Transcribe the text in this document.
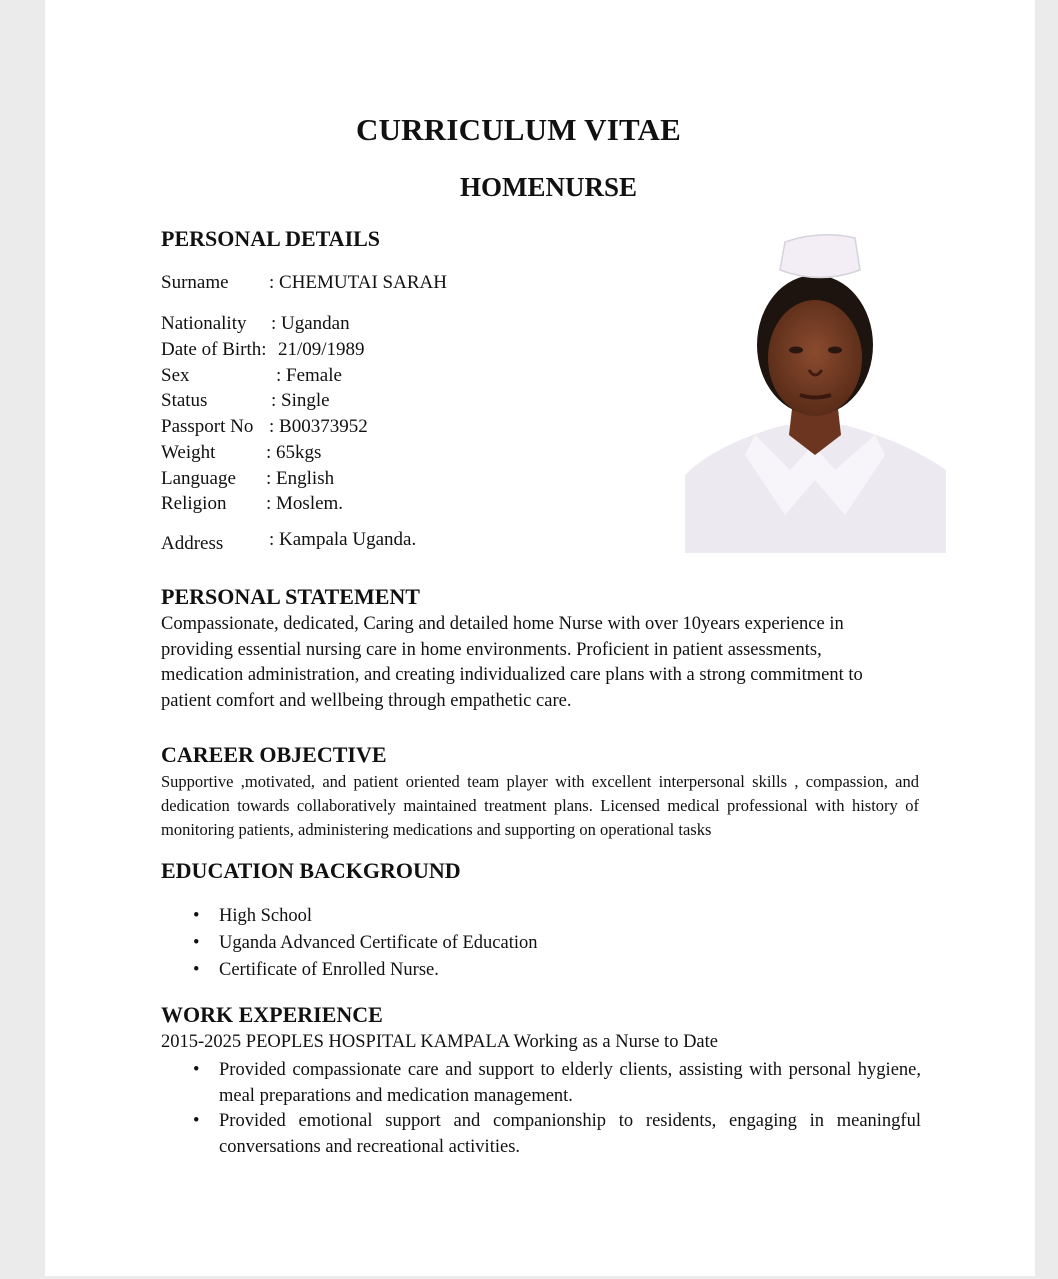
CURRICULUM VITAE
HOMENURSE
PERSONAL DETAILS
Surname : CHEMUTAI SARAH
Nationality : Ugandan
Date of Birth: 21/09/1989
Sex	: Female
Status	: Single
Passport No : B00373952
Weight	: 65kgs
Language : English
Religion : Moslem.
Address : Kampala Uganda.
PERSONAL STATEMENT
Compassionate, dedicated, Caring and detailed home Nurse with over 10years experience in
providing essential nursing care in home environments. Proficient in patient assessments,
medication administration, and creating individualized care plans with a strong commitment to
patient comfort and wellbeing through empathetic care.
CAREER OBJECTIVE
Supportive ,motivated, and patient oriented team player with excellent interpersonal skills , compassion, and dedication towards collaboratively maintained treatment plans. Licensed medical professional with history of monitoring patients, administering medications and supporting on operational tasks
EDUCATION BACKGROUND
• High School
• Uganda Advanced Certificate of Education
• Certificate of Enrolled Nurse.
WORK EXPERIENCE
2015-2025 PEOPLES HOSPITAL KAMPALA Working as a Nurse to Date
• Provided compassionate care and support to elderly clients, assisting with personal hygiene, meal preparations and medication management.
• Provided emotional support and companionship to residents, engaging in meaningful conversations and recreational activities.
